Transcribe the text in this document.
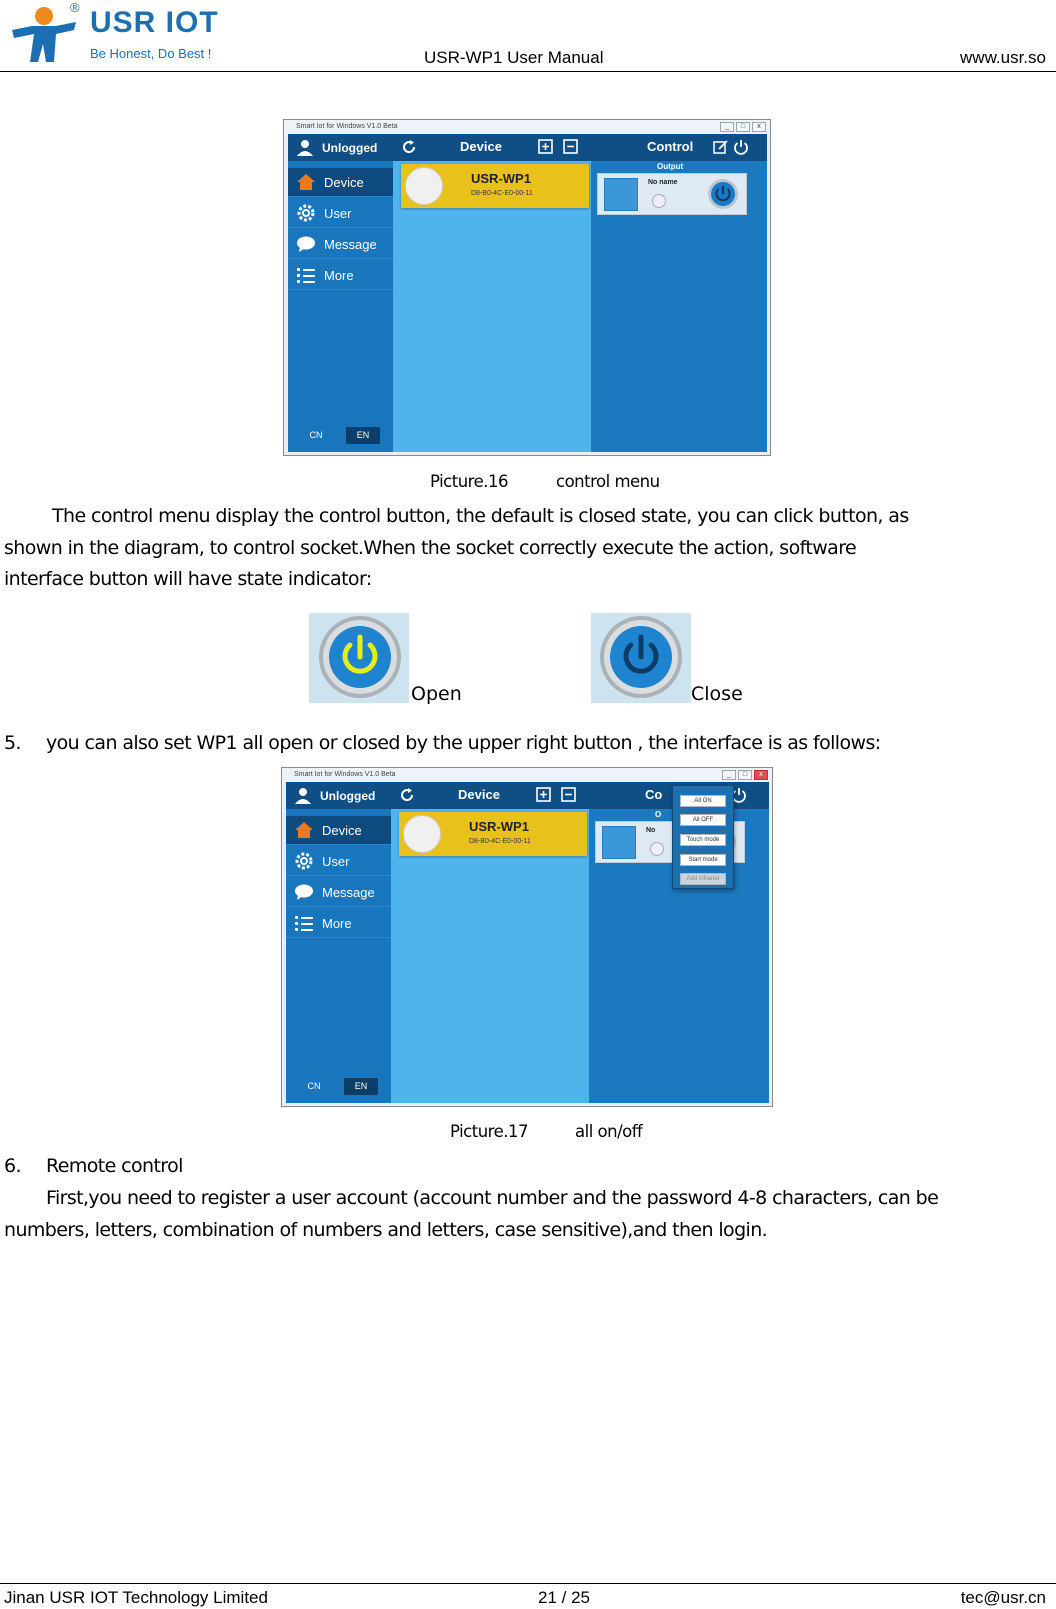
® USR IOT
Be Honest, Do Best !	USR-WP1 User Manual	www.usr.so
Smart Iot for Windows V1.0 Beta	_	□	x
Unlogged
Device
User
Message
More
CN	EN
Device
USR-WP1
D8-B0-4C-E0-00-11
Control
Output
No name
Picture.16	control menu

The control menu display the control button, the default is closed state, you can click button, as

shown in the diagram, to control socket.When the socket correctly execute the action, software

interface button will have state indicator:

Open	Close
5. you can also set WP1 all open or closed by the upper right button , the interface is as follows:
Smart Iot for Windows V1.0 Beta	_	□	x
Unlogged
Device
User
Message
More
CN	EN
Device
USR-WP1
D8-B0-4C-E0-00-11
Co
O
No
All ON
All OFF
Touch mode
Start mode
Add infrared
Picture.17	all on/off
6. Remote control

First,you need to register a user account (account number and the password 4-8 characters, can be

numbers, letters, combination of numbers and letters, case sensitive),and then login.

Jinan USR IOT Technology Limited	21 / 25	tec@usr.cn
